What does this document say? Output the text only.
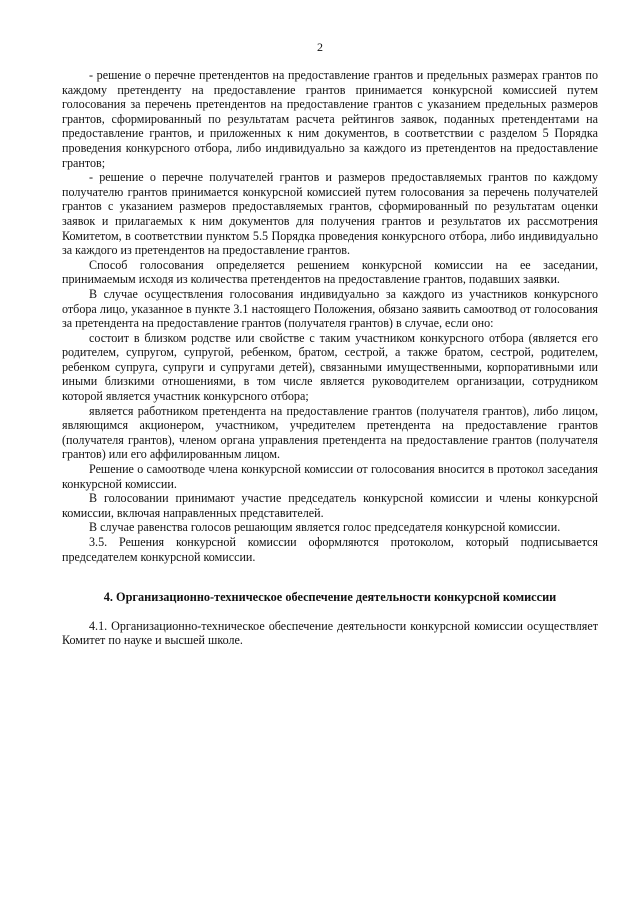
2

- решение о перечне претендентов на предоставление грантов и предельных размерах грантов по каждому претенденту на предоставление грантов принимается конкурсной комиссией путем голосования за перечень претендентов на предоставление грантов с указанием предельных размеров грантов, сформированный по результатам расчета рейтингов заявок, поданных претендентами на предоставление грантов, и приложенных к ним документов, в соответствии с разделом 5 Порядка проведения конкурсного отбора, либо индивидуально за каждого из претендентов на предоставление грантов;

- решение о перечне получателей грантов и размеров предоставляемых грантов по каждому получателю грантов принимается конкурсной комиссией путем голосования за перечень получателей грантов с указанием размеров предоставляемых грантов, сформированный по результатам оценки заявок и прилагаемых к ним документов для получения грантов и результатов их рассмотрения Комитетом, в соответствии пунктом 5.5 Порядка проведения конкурсного отбора, либо индивидуально за каждого из претендентов на предоставление грантов.

Способ голосования определяется решением конкурсной комиссии на ее заседании, принимаемым исходя из количества претендентов на предоставление грантов, подавших заявки.

В случае осуществления голосования индивидуально за каждого из участников конкурсного отбора лицо, указанное в пункте 3.1 настоящего Положения, обязано заявить самоотвод от голосования за претендента на предоставление грантов (получателя грантов) в случае, если оно:

состоит в близком родстве или свойстве с таким участником конкурсного отбора (является его родителем, супругом, супругой, ребенком, братом, сестрой, а также братом, сестрой, родителем, ребенком супруга, супруги и супругами детей), связанными имущественными, корпоративными или иными близкими отношениями, в том числе является руководителем организации, сотрудником которой является участник конкурсного отбора;

является работником претендента на предоставление грантов (получателя грантов), либо лицом, являющимся акционером, участником, учредителем претендента на предоставление грантов (получателя грантов), членом органа управления претендента на предоставление грантов (получателя грантов) или его аффилированным лицом.

Решение о самоотводе члена конкурсной комиссии от голосования вносится в протокол заседания конкурсной комиссии.

В голосовании принимают участие председатель конкурсной комиссии и члены конкурсной комиссии, включая направленных представителей.

В случае равенства голосов решающим является голос председателя конкурсной комиссии.

3.5. Решения конкурсной комиссии оформляются протоколом, который подписывается председателем конкурсной комиссии.

4. Организационно-техническое обеспечение деятельности конкурсной комиссии

4.1. Организационно-техническое обеспечение деятельности конкурсной комиссии осуществляет Комитет по науке и высшей школе.
